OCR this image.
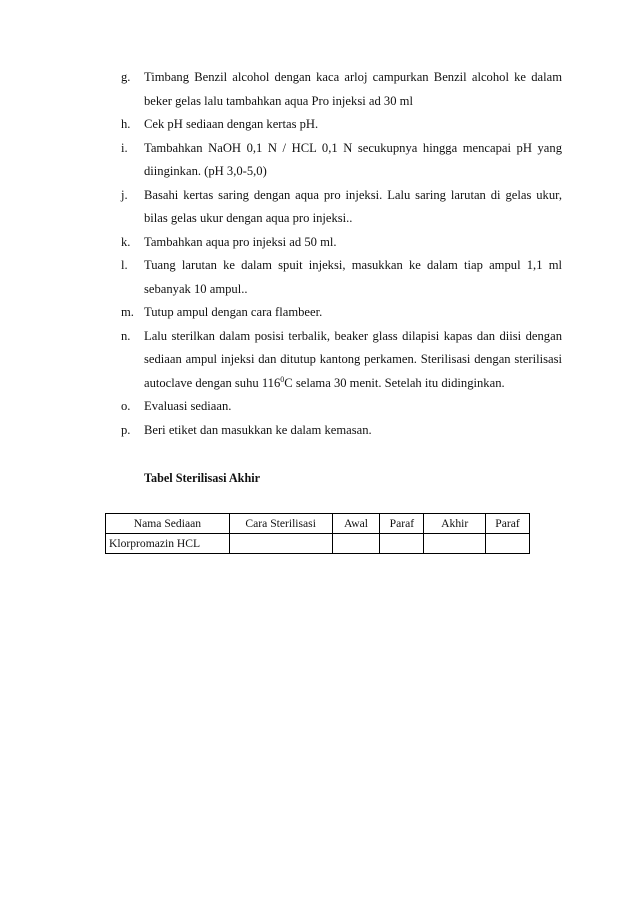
g. Timbang Benzil alcohol dengan kaca arloj campurkan Benzil alcohol ke dalam beker gelas lalu tambahkan aqua Pro injeksi ad 30 ml
h. Cek pH sediaan dengan kertas pH.
i. Tambahkan NaOH 0,1 N / HCL 0,1 N secukupnya hingga mencapai pH yang diinginkan. (pH 3,0-5,0)
j. Basahi kertas saring dengan aqua pro injeksi. Lalu saring larutan di gelas ukur, bilas gelas ukur dengan aqua pro injeksi..
k. Tambahkan aqua pro injeksi ad 50 ml.
l. Tuang larutan ke dalam spuit injeksi, masukkan ke dalam tiap ampul 1,1 ml sebanyak 10 ampul..
m. Tutup ampul dengan cara flambeer.
n. Lalu sterilkan dalam posisi terbalik, beaker glass dilapisi kapas dan diisi dengan sediaan ampul injeksi dan ditutup kantong perkamen. Sterilisasi dengan sterilisasi autoclave dengan suhu $116^0C$ selama 30 menit. Setelah itu didinginkan.
o. Evaluasi sediaan.
p. Beri etiket dan masukkan ke dalam kemasan.
Tabel Sterilisasi Akhir
Nama Sediaan	Cara Sterilisasi	Awal	Paraf	Akhir	Paraf
Klorpromazin HCL					
